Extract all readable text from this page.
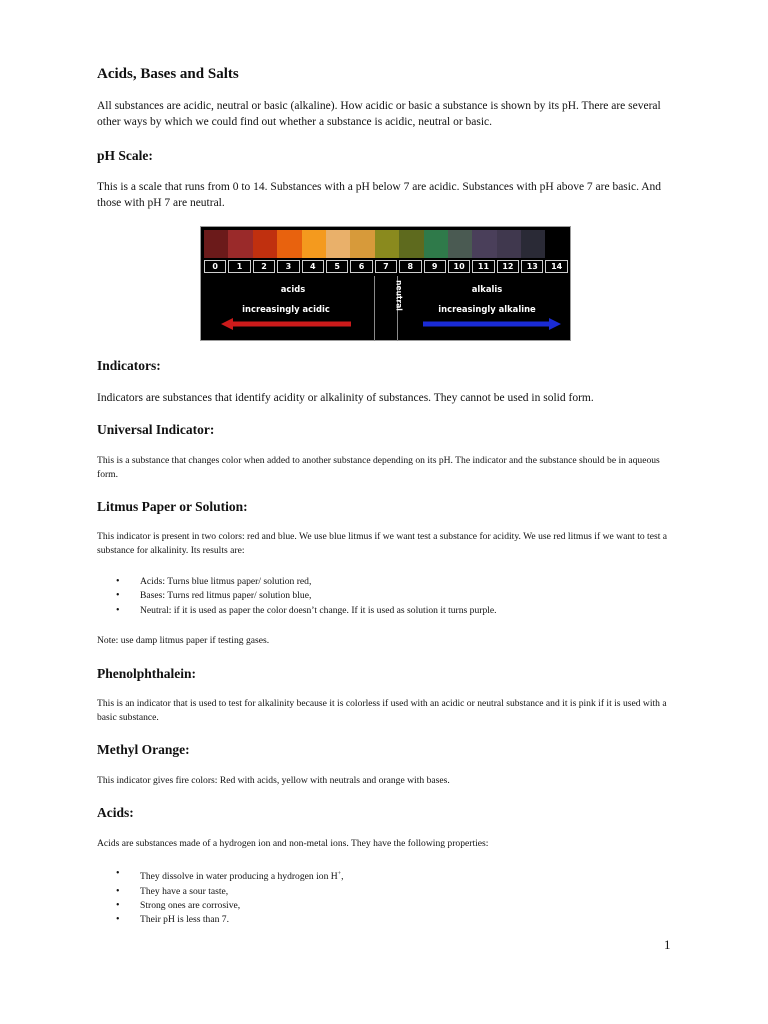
Acids, Bases and Salts

All substances are acidic, neutral or basic (alkaline). How acidic or basic a substance is shown by its pH. There are several other ways by which we could find out whether a substance is acidic, neutral or basic.

pH Scale:

This is a scale that runs from 0 to 14. Substances with a pH below 7 are acidic. Substances with pH above 7 are basic. And those with pH 7 are neutral.

0	1	2	3	4	5	6	7	8	9	10	11	12	13	14
acids
increasingly acidic	neutral	alkalis
increasingly alkaline
Indicators:

Indicators are substances that identify acidity or alkalinity of substances. They cannot be used in solid form.

Universal Indicator:

This is a substance that changes color when added to another substance depending on its pH. The indicator and the substance should be in aqueous form.

Litmus Paper or Solution:

This indicator is present in two colors: red and blue. We use blue litmus if we want test a substance for acidity. We use red litmus if we want to test a substance for alkalinity. Its results are:

• Acids: Turns blue litmus paper/ solution red,
• Bases: Turns red litmus paper/ solution blue,
• Neutral: if it is used as paper the color doesn’t change. If it is used as solution it turns purple.

Note: use damp litmus paper if testing gases.

Phenolphthalein:

This is an indicator that is used to test for alkalinity because it is colorless if used with an acidic or neutral substance and it is pink if it is used with a basic substance.

Methyl Orange:

This indicator gives fire colors: Red with acids, yellow with neutrals and orange with bases.

Acids:

Acids are substances made of a hydrogen ion and non-metal ions. They have the following properties:

• They dissolve in water producing a hydrogen ion H+,
• They have a sour taste,
• Strong ones are corrosive,
• Their pH is less than 7.
1
